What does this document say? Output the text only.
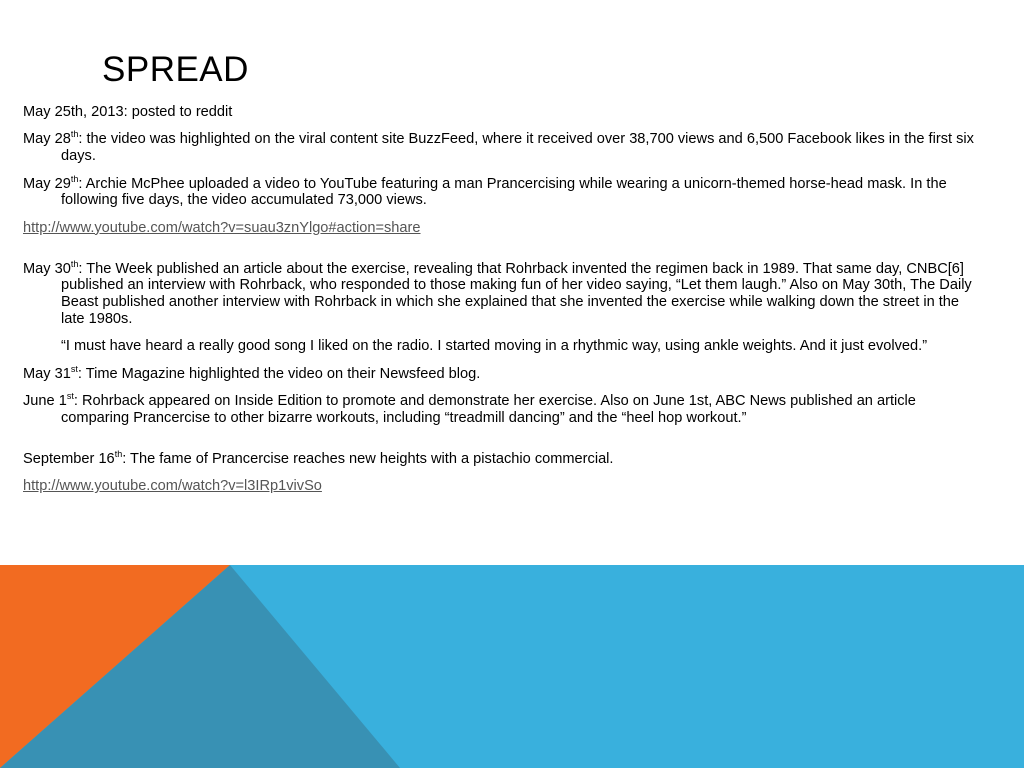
SPREAD

May 25th, 2013: posted to reddit

May 28th: the video was highlighted on the viral content site BuzzFeed, where it received over 38,700 views and 6,500 Facebook likes in the first six days.

May 29th: Archie McPhee uploaded a video to YouTube featuring a man Prancercising while wearing a unicorn-themed horse-head mask. In the following five days, the video accumulated 73,000 views.

http://www.youtube.com/watch?v=suau3znYlgo#action=share

May 30th: The Week published an article about the exercise, revealing that Rohrback invented the regimen back in 1989. That same day, CNBC[6] published an interview with Rohrback, who responded to those making fun of her video saying, “Let them laugh.” Also on May 30th, The Daily Beast published another interview with Rohrback in which she explained that she invented the exercise while walking down the street in the late 1980s.

“I must have heard a really good song I liked on the radio. I started moving in a rhythmic way, using ankle weights. And it just evolved.”

May 31st: Time Magazine highlighted the video on their Newsfeed blog.

June 1st: Rohrback appeared on Inside Edition to promote and demonstrate her exercise. Also on June 1st, ABC News published an article comparing Prancercise to other bizarre workouts, including “treadmill dancing” and the “heel hop workout.”

September 16th: The fame of Prancercise reaches new heights with a pistachio commercial.

http://www.youtube.com/watch?v=l3IRp1vivSo
